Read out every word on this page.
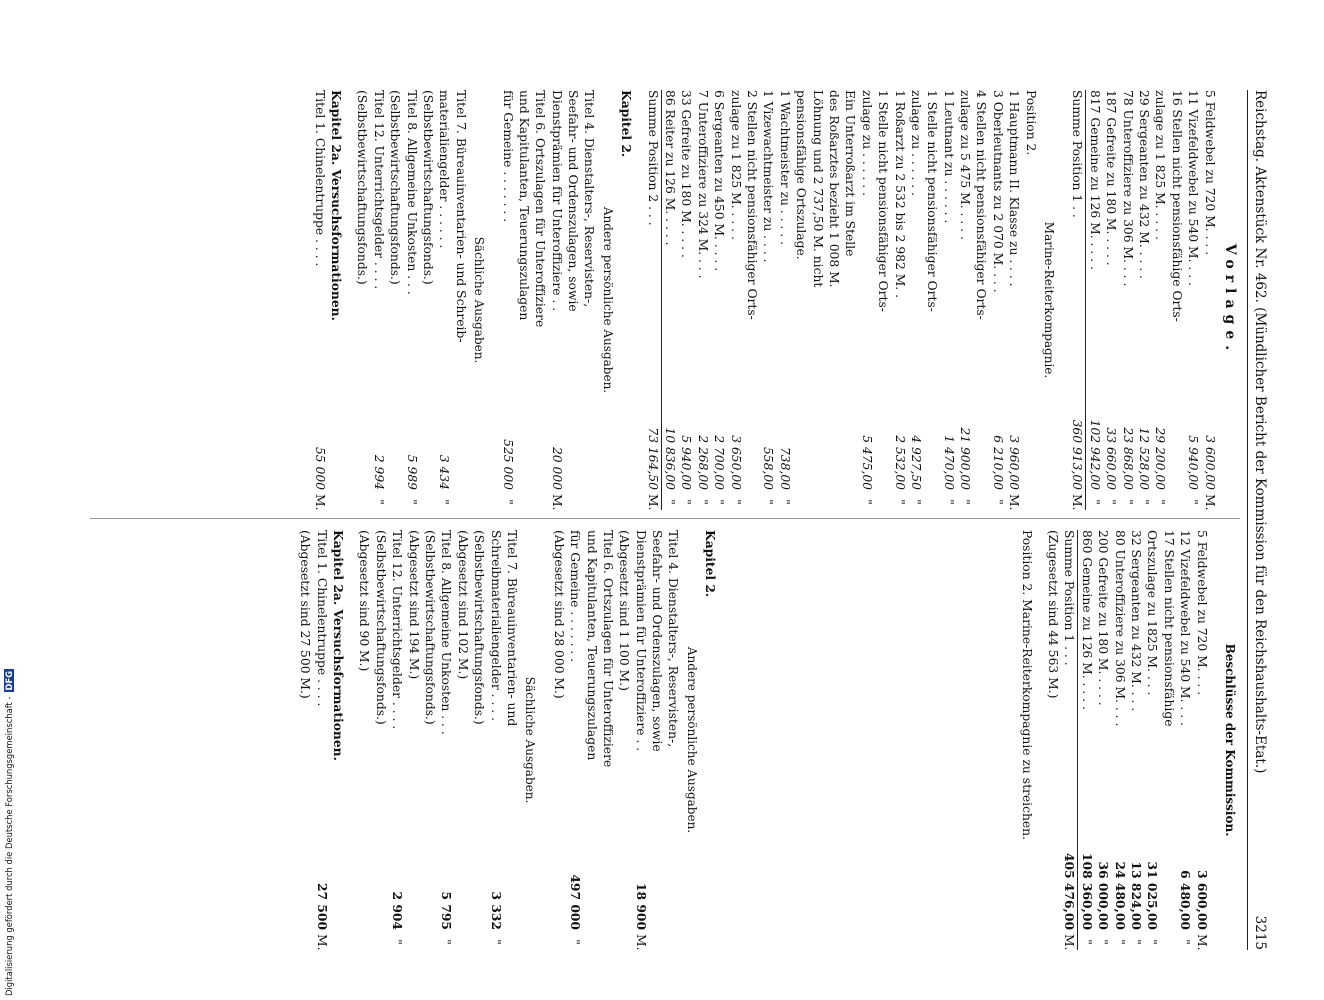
Reichstag. Aktenstück Nr. 462. (Mündlicher Bericht der Kommission für den Reichshaushalts-Etat.)
3215
Vorlage.
5 Feldwebel zu 720 M. . . .
3 600,00
M.
11 Vizefeldwebel zu 540 M. . . .
5 940,00
"
16 Stellen nicht pensionsfähige Orts-
zulage zu 1 825 M. . . . .
29 200,00
"
29 Sergeanten zu 432 M. . . . .
12 528,00
"
78 Unteroffiziere zu 306 M. . . .
23 868,00
"
187 Gefreite zu 180 M. . . . .
33 660,00
"
817 Gemeine zu 126 M. . . . .
102 942,00
"
Summe Position 1 . .
360 913,00
M.
Marine-Reiterkompagnie.
Position 2.
1 Hauptmann II. Klasse zu . . . .
3 960,00
M.
3 Oberleutnants zu 2 070 M. . . .
6 210,00
"
4 Stellen nicht pensionsfähiger Orts-
zulage zu 5 475 M. . . . .
21 900,00
"
1 Leutnant zu . . . . . .
1 470,00
"
1 Stelle nicht pensionsfähiger Orts-
zulage zu . . . . . .
4 927,50
"
1 Roßarzt zu 2 532 bis 2 982 M. .
2 532,00
"
1 Stelle nicht pensionsfähiger Orts-
zulage zu . . . . . .
5 475,00
"
Ein Unterroßarzt im Stelle
des Roßarztes bezieht 1 008 M.
Löhnung und 2 737,50 M. nicht
pensionsfähige Ortszulage.
1 Wachtmeister zu . . . . .
738,00
"
1 Vizewachtmeister zu . . . .
558,00
"
2 Stellen nicht pensionsfähiger Orts-
zulage zu 1 825 M. . . . .
3 650,00
"
6 Sergeanten zu 450 M. . . . .
2 700,00
"
7 Unteroffiziere zu 324 M. . . .
2 268,00
"
33 Gefreite zu 180 M. . . . .
5 940,00
"
86 Reiter zu 126 M. . . . .
10 836,00
"
Summe Position 2 . . .
73 164,50
M.
Kapitel 2.
Andere persönliche Ausgaben.
Titel 4. Dienstalters-, Reservisten-,
Seefahr- und Ordenszulagen, sowie
Dienstprämien für Unteroffiziere . .
20 000
M.
Titel 6. Ortszulagen für Unteroffiziere
und Kapitulanten, Teuerungszulagen
für Gemeine . . . . . . .
525 000
"
Sächliche Ausgaben.
Titel 7. Büreauinventarien- und Schreib-
materialiengelder . . . . . .
3 434
"
(Selbstbewirtschaftungsfonds.)
Titel 8. Allgemeine Unkosten . . .
5 989
"
(Selbstbewirtschaftungsfonds.)
Titel 12. Unterrichtsgelder . . . .
2 994
"
(Selbstbewirtschaftungsfonds.)
Kapitel 2a. Versuchsformationen.
Titel 1. Chinelentruppe . . . .
55 000
M.
Beschlüsse der Kommission.
5 Feldwebel zu 720 M. . . .
3 600,00
M.
12 Vizefeldwebel zu 540 M. . . .
6 480,00
"
17 Stellen nicht pensionsfähige
Ortszulage zu 1825 M. . . .
31 025,00
"
32 Sergeanten zu 432 M. . . .
13 824,00
"
80 Unteroffiziere zu 306 M. . . .
24 480,00
"
200 Gefreite zu 180 M. . . . .
36 000,00
"
860 Gemeine zu 126 M. . . . .
108 360,00
"
Summe Position 1 . . .
405 476,00
M.
(Zugesetzt sind 44 563 M.)
Position 2. Marine-Reiterkompagnie zu streichen.
Kapitel 2.
Andere persönliche Ausgaben.
Titel 4. Dienstalters-, Reservisten-,
Seefahr- und Ordenszulagen, sowie
Dienstprämien für Unteroffiziere . .
18 900
M.
(Abgesetzt sind 1 100 M.)
Titel 6. Ortszulagen für Unteroffiziere
und Kapitulanten, Teuerungszulagen
für Gemeine . . . . . . .
497 000
"
(Abgesetzt sind 28 000 M.)
Sächliche Ausgaben.
Titel 7. Büreauinventarien- und
Schreibmaterialiengelder . . . .
3 332
"
(Selbstbewirtschaftungsfonds.)
(Abgesetzt sind 102 M.)
Titel 8. Allgemeine Unkosten . . .
5 795
"
(Selbstbewirtschaftungsfonds.)
(Abgesetzt sind 194 M.)
Titel 12. Unterrichtsgelder . . . .
2 904
"
(Selbstbewirtschaftungsfonds.)
(Abgesetzt sind 90 M.)
Kapitel 2a. Versuchsformationen.
Titel 1. Chinelentruppe . . . .
27 500
M.
(Abgesetzt sind 27 500 M.)
Digitalisierung gefördert durch die Deutsche Forschungsgemeinschaft -DFG
